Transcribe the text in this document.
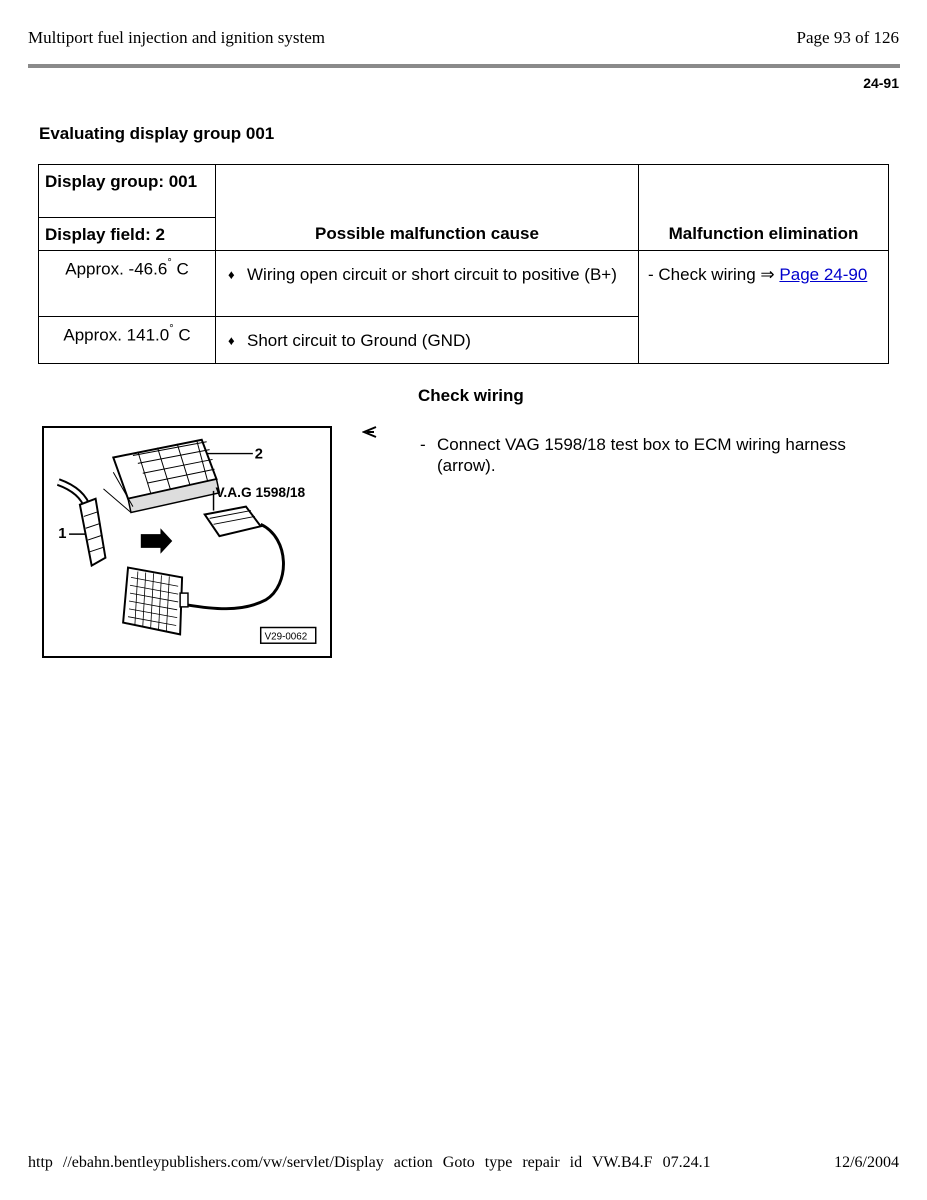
Multiport fuel injection and ignition system	Page 93 of 126
24-91
Evaluating display group 001
Display group: 001	Possible malfunction cause	Malfunction elimination
Display field: 2		
Approx. -46.6° C	♦ Wiring open circuit or short circuit to positive (B+)	- Check wiring ⇒ Page 24-90
Approx. 141.0° C	♦ Short circuit to Ground (GND)	
Check wiring
2
V.A.G 1598/18
1
V29-0062
- Connect VAG 1598/18 test box to ECM wiring harness (arrow).
http //ebahn.bentleypublishers.com/vw/servlet/Display action Goto type repair id VW.B4.F 07.24.1	12/6/2004
